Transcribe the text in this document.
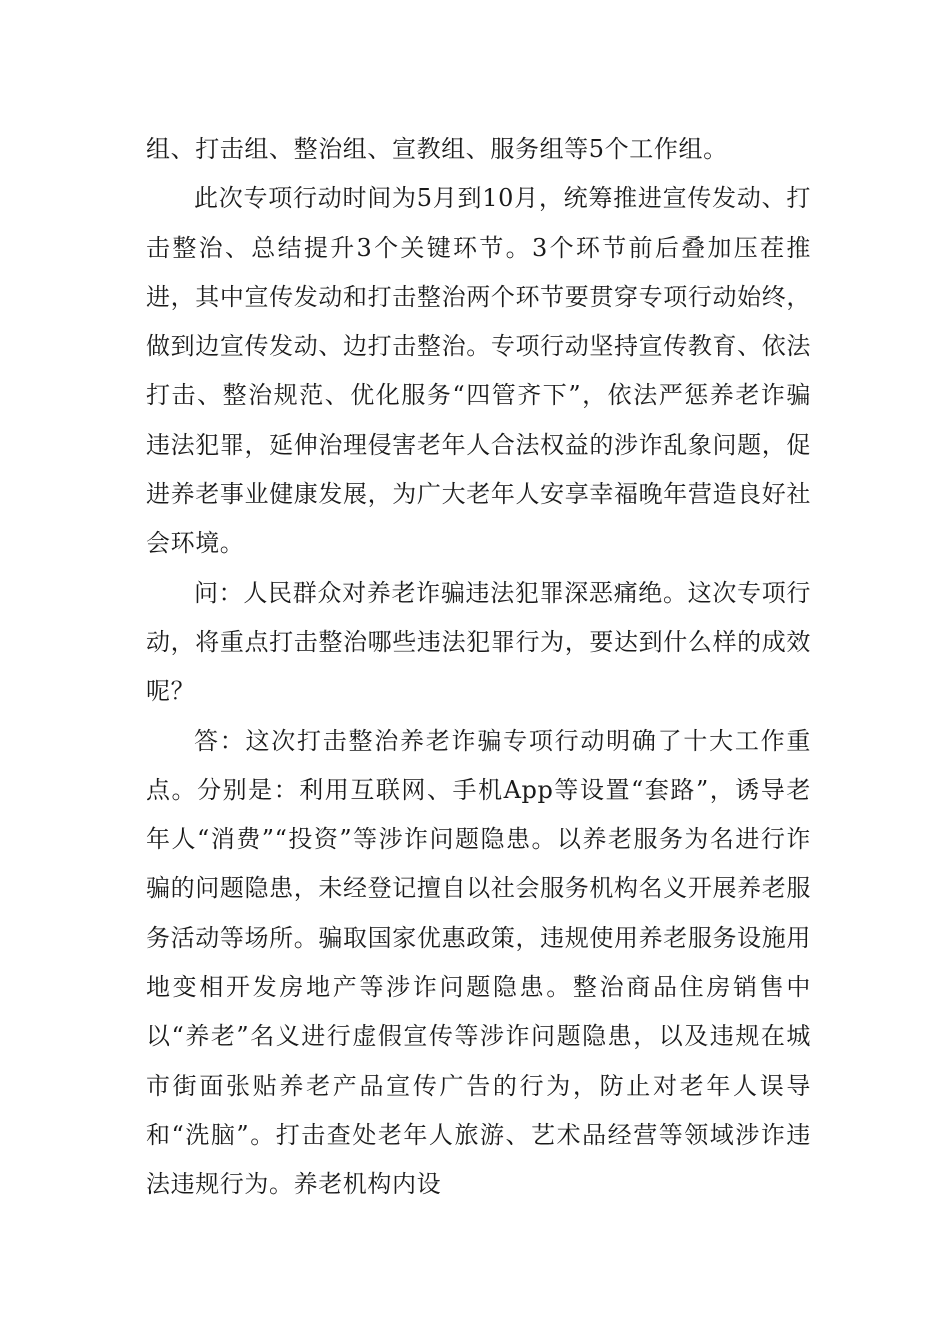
组、打击组、整治组、宣教组、服务组等5个工作组。

此次专项行动时间为5月到10月，统筹推进宣传发动、打击整治、总结提升3个关键环节。3个环节前后叠加压茬推进，其中宣传发动和打击整治两个环节要贯穿专项行动始终，做到边宣传发动、边打击整治。专项行动坚持宣传教育、依法打击、整治规范、优化服务“四管齐下”，依法严惩养老诈骗违法犯罪，延伸治理侵害老年人合法权益的涉诈乱象问题，促进养老事业健康发展，为广大老年人安享幸福晚年营造良好社会环境。

问：人民群众对养老诈骗违法犯罪深恶痛绝。这次专项行动，将重点打击整治哪些违法犯罪行为，要达到什么样的成效呢？

答：这次打击整治养老诈骗专项行动明确了十大工作重点。分别是：利用互联网、手机App等设置“套路”，诱导老年人“消费”“投资”等涉诈问题隐患。以养老服务为名进行诈骗的问题隐患，未经登记擅自以社会服务机构名义开展养老服务活动等场所。骗取国家优惠政策，违规使用养老服务设施用地变相开发房地产等涉诈问题隐患。整治商品住房销售中以“养老”名义进行虚假宣传等涉诈问题隐患，以及违规在城市街面张贴养老产品宣传广告的行为，防止对老年人误导和“洗脑”。打击查处老年人旅游、艺术品经营等领域涉诈违法违规行为。养老机构内设
